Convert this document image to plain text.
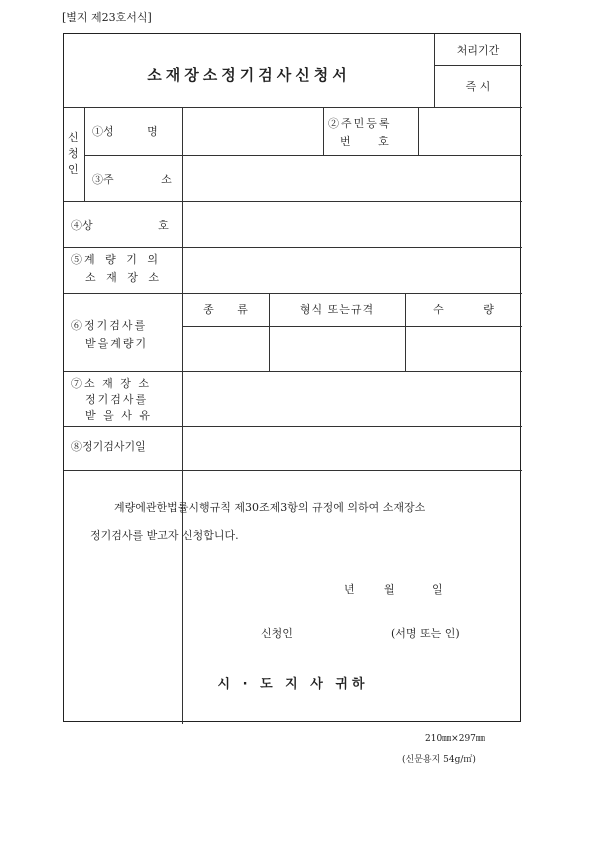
[별지 제23호서식]
소재장소정기검사신청서
처리기간
즉 시
신
청
인
①성 명
②주민등록
번 호
③주 소
④상 호
⑤계 량 기 의
소 재 장 소
⑥정기검사를
받을계량기
종 류	형식 또는규격	수 량
⑦소 재 장 소
정기검사를
받 을 사 유
⑧정기검사기일
계량에관한법률시행규칙 제30조제3항의 규정에 의하여 소재장소
정기검사를 받고자 신청합니다.
년	월	일
신청인	(서명 또는 인)
시 · 도 지 사 귀하
210㎜×297㎜
(신문용지 54g/㎡)
